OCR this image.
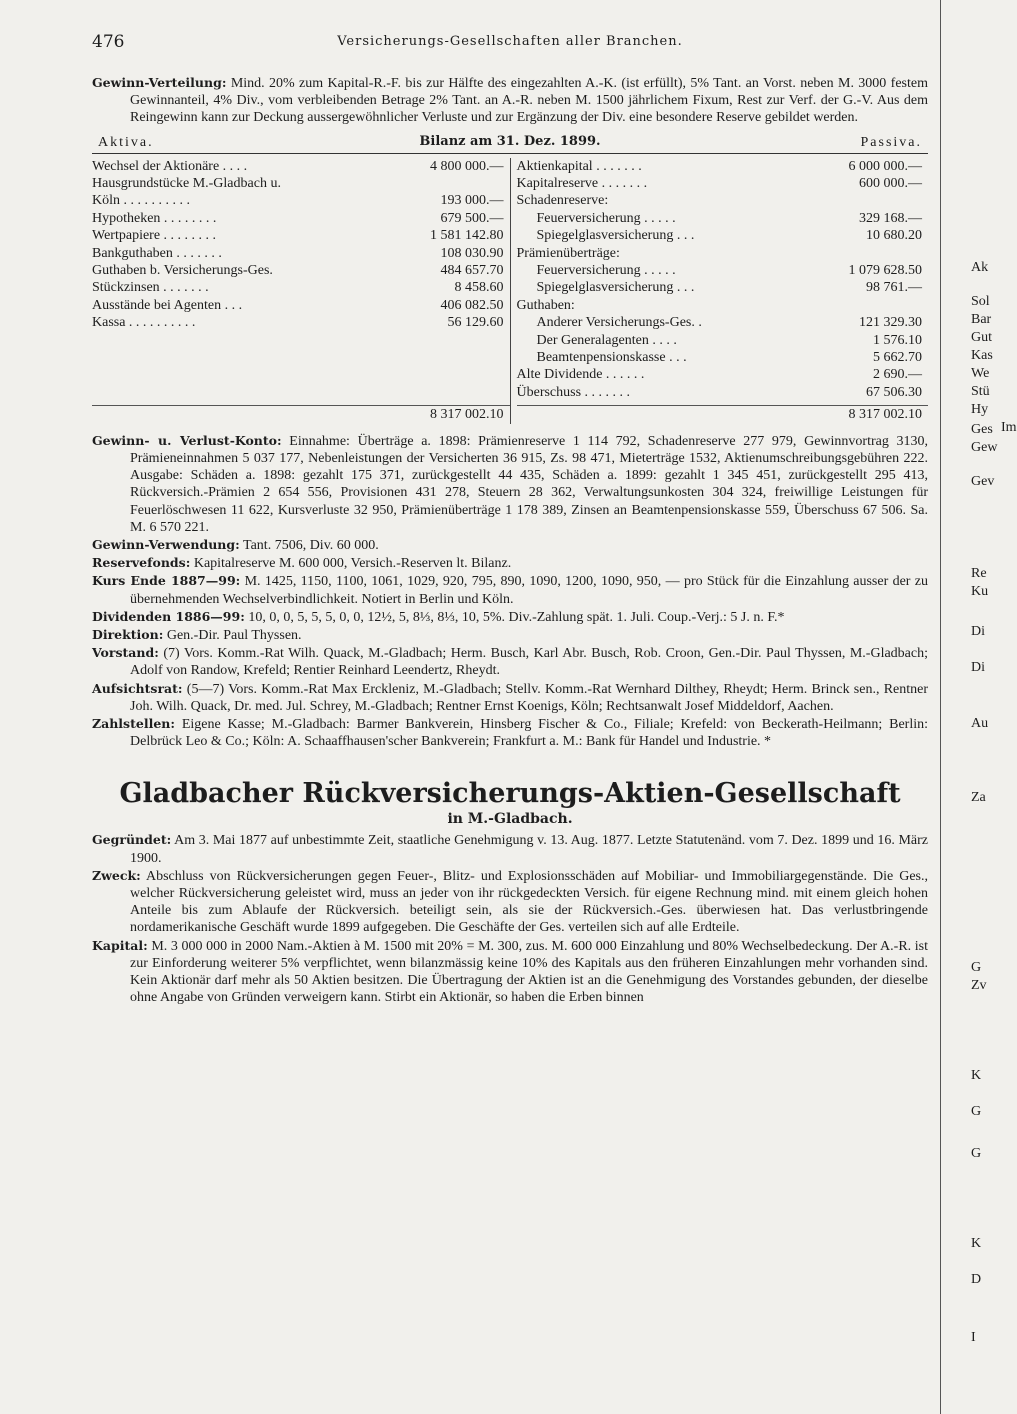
476	Versicherungs-Gesellschaften aller Branchen.

Gewinn-Verteilung: Mind. 20% zum Kapital-R.-F. bis zur Hälfte des eingezahlten A.-K. (ist erfüllt), 5% Tant. an Vorst. neben M. 3000 festem Gewinnanteil, 4% Div., vom verbleibenden Betrage 2% Tant. an A.-R. neben M. 1500 jährlichem Fixum, Rest zur Verf. der G.-V. Aus dem Reingewinn kann zur Deckung aussergewöhnlicher Verluste und zur Ergänzung der Div. eine besondere Reserve gebildet werden.

Aktiva.	Bilanz am 31. Dez. 1899.	Passiva.
Wechsel der Aktionäre . . . .	4 800 000.—
Hausgrundstücke M.-Gladbach u.
Köln . . . . . . . . . .	193 000.—
Hypotheken . . . . . . . .	679 500.—
Wertpapiere . . . . . . . .	1 581 142.80
Bankguthaben . . . . . . .	108 030.90
Guthaben b. Versicherungs-Ges.	484 657.70
Stückzinsen . . . . . . .	8 458.60
Ausstände bei Agenten . . .	406 082.50
Kassa . . . . . . . . . .	56 129.60
8 317 002.10
Aktienkapital . . . . . . .	6 000 000.—
Kapitalreserve . . . . . . .	600 000.—
Schadenreserve:
Feuerversicherung . . . . .	329 168.—
Spiegelglasversicherung . . .	10 680.20
Prämienüberträge:
Feuerversicherung . . . . .	1 079 628.50
Spiegelglasversicherung . . .	98 761.—
Guthaben:
Anderer Versicherungs-Ges. .	121 329.30
Der Generalagenten . . . .	1 576.10
Beamtenpensionskasse . . .	5 662.70
Alte Dividende . . . . . .	2 690.—
Überschuss . . . . . . .	67 506.30
8 317 002.10

Gewinn- u. Verlust-Konto: Einnahme: Überträge a. 1898: Prämienreserve 1 114 792, Schadenreserve 277 979, Gewinnvortrag 3130, Prämieneinnahmen 5 037 177, Nebenleistungen der Versicherten 36 915, Zs. 98 471, Mieterträge 1532, Aktienumschreibungsgebühren 222. Ausgabe: Schäden a. 1898: gezahlt 175 371, zurückgestellt 44 435, Schäden a. 1899: gezahlt 1 345 451, zurückgestellt 295 413, Rückversich.-Prämien 2 654 556, Provisionen 431 278, Steuern 28 362, Verwaltungsunkosten 304 324, freiwillige Leistungen für Feuerlöschwesen 11 622, Kursverluste 32 950, Prämienüberträge 1 178 389, Zinsen an Beamtenpensionskasse 559, Überschuss 67 506. Sa. M. 6 570 221.

Gewinn-Verwendung: Tant. 7506, Div. 60 000.

Reservefonds: Kapitalreserve M. 600 000, Versich.-Reserven lt. Bilanz.

Kurs Ende 1887—99: M. 1425, 1150, 1100, 1061, 1029, 920, 795, 890, 1090, 1200, 1090, 950, — pro Stück für die Einzahlung ausser der zu übernehmenden Wechselverbindlichkeit. Notiert in Berlin und Köln.

Dividenden 1886—99: 10, 0, 0, 5, 5, 5, 0, 0, 12½, 5, 8⅓, 8⅓, 10, 5%. Div.-Zahlung spät. 1. Juli. Coup.-Verj.: 5 J. n. F.*

Direktion: Gen.-Dir. Paul Thyssen.

Vorstand: (7) Vors. Komm.-Rat Wilh. Quack, M.-Gladbach; Herm. Busch, Karl Abr. Busch, Rob. Croon, Gen.-Dir. Paul Thyssen, M.-Gladbach; Adolf von Randow, Krefeld; Rentier Reinhard Leendertz, Rheydt.

Aufsichtsrat: (5—7) Vors. Komm.-Rat Max Erckleniz, M.-Gladbach; Stellv. Komm.-Rat Wernhard Dilthey, Rheydt; Herm. Brinck sen., Rentner Joh. Wilh. Quack, Dr. med. Jul. Schrey, M.-Gladbach; Rentner Ernst Koenigs, Köln; Rechtsanwalt Josef Middeldorf, Aachen.

Zahlstellen: Eigene Kasse; M.-Gladbach: Barmer Bankverein, Hinsberg Fischer & Co., Filiale; Krefeld: von Beckerath-Heilmann; Berlin: Delbrück Leo & Co.; Köln: A. Schaaffhausen'scher Bankverein; Frankfurt a. M.: Bank für Handel und Industrie. *

Gladbacher Rückversicherungs-Aktien-Gesellschaft
in M.-Gladbach.

Gegründet: Am 3. Mai 1877 auf unbestimmte Zeit, staatliche Genehmigung v. 13. Aug. 1877. Letzte Statutenänd. vom 7. Dez. 1899 und 16. März 1900.

Zweck: Abschluss von Rückversicherungen gegen Feuer-, Blitz- und Explosionsschäden auf Mobiliar- und Immobiliargegenstände. Die Ges., welcher Rückversicherung geleistet wird, muss an jeder von ihr rückgedeckten Versich. für eigene Rechnung mind. mit einem gleich hohen Anteile bis zum Ablaufe der Rückversich. beteiligt sein, als sie der Rückversich.-Ges. überwiesen hat. Das verlustbringende nordamerikanische Geschäft wurde 1899 aufgegeben. Die Geschäfte der Ges. verteilen sich auf alle Erdteile.

Kapital: M. 3 000 000 in 2000 Nam.-Aktien à M. 1500 mit 20% = M. 300, zus. M. 600 000 Einzahlung und 80% Wechselbedeckung. Der A.-R. ist zur Einforderung weiterer 5% verpflichtet, wenn bilanzmässig keine 10% des Kapitals aus den früheren Einzahlungen mehr vorhanden sind. Kein Aktionär darf mehr als 50 Aktien besitzen. Die Übertragung der Aktien ist an die Genehmigung des Vorstandes gebunden, der dieselbe ohne Angabe von Gründen verweigern kann. Stirbt ein Aktionär, so haben die Erben binnen

Ges
Gew
Ak
Sol
Bar
Gut
Kas
We
Stü
Hy
Im
Gev
Re
Ku
Di
Di
Au
Za
G
Zv
K
G
G
K
D
I
